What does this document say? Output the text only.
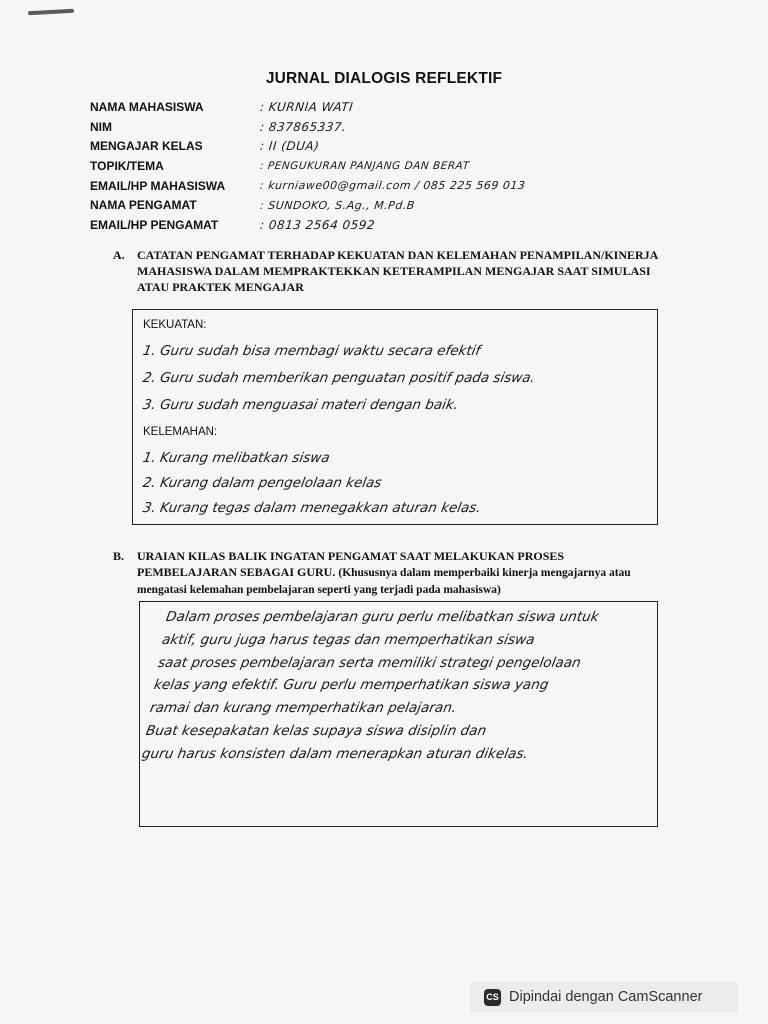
JURNAL DIALOGIS REFLEKTIF
NAMA MAHASISWA	: KURNIA WATI
NIM	: 837865337.
MENGAJAR KELAS	: II (DUA)
TOPIK/TEMA	: PENGUKURAN PANJANG DAN BERAT
EMAIL/HP MAHASISWA	: kurniawe00@gmail.com / 085 225 569 013
NAMA PENGAMAT	: SUNDOKO, S.Ag., M.Pd.B
EMAIL/HP PENGAMAT	: 0813 2564 0592
A. CATATAN PENGAMAT TERHADAP KEKUATAN DAN KELEMAHAN PENAMPILAN/KINERJA MAHASISWA DALAM MEMPRAKTEKKAN KETERAMPILAN MENGAJAR SAAT SIMULASI ATAU PRAKTEK MENGAJAR
KEKUATAN:
1. Guru sudah bisa membagi waktu secara efektif
2. Guru sudah memberikan penguatan positif pada siswa.
3. Guru sudah menguasai materi dengan baik.
KELEMAHAN:
1. Kurang melibatkan siswa
2. Kurang dalam pengelolaan kelas
3. Kurang tegas dalam menegakkan aturan kelas.
B. URAIAN KILAS BALIK INGATAN PENGAMAT SAAT MELAKUKAN PROSES PEMBELAJARAN SEBAGAI GURU. (Khususnya dalam memperbaiki kinerja mengajarnya atau mengatasi kelemahan pembelajaran seperti yang terjadi pada mahasiswa)
Dalam proses pembelajaran guru perlu melibatkan siswa untuk
aktif, guru juga harus tegas dan memperhatikan siswa
saat proses pembelajaran serta memiliki strategi pengelolaan
kelas yang efektif. Guru perlu memperhatikan siswa yang
ramai dan kurang memperhatikan pelajaran.
Buat kesepakatan kelas supaya siswa disiplin dan
guru harus konsisten dalam menerapkan aturan dikelas.
CS Dipindai dengan CamScanner
